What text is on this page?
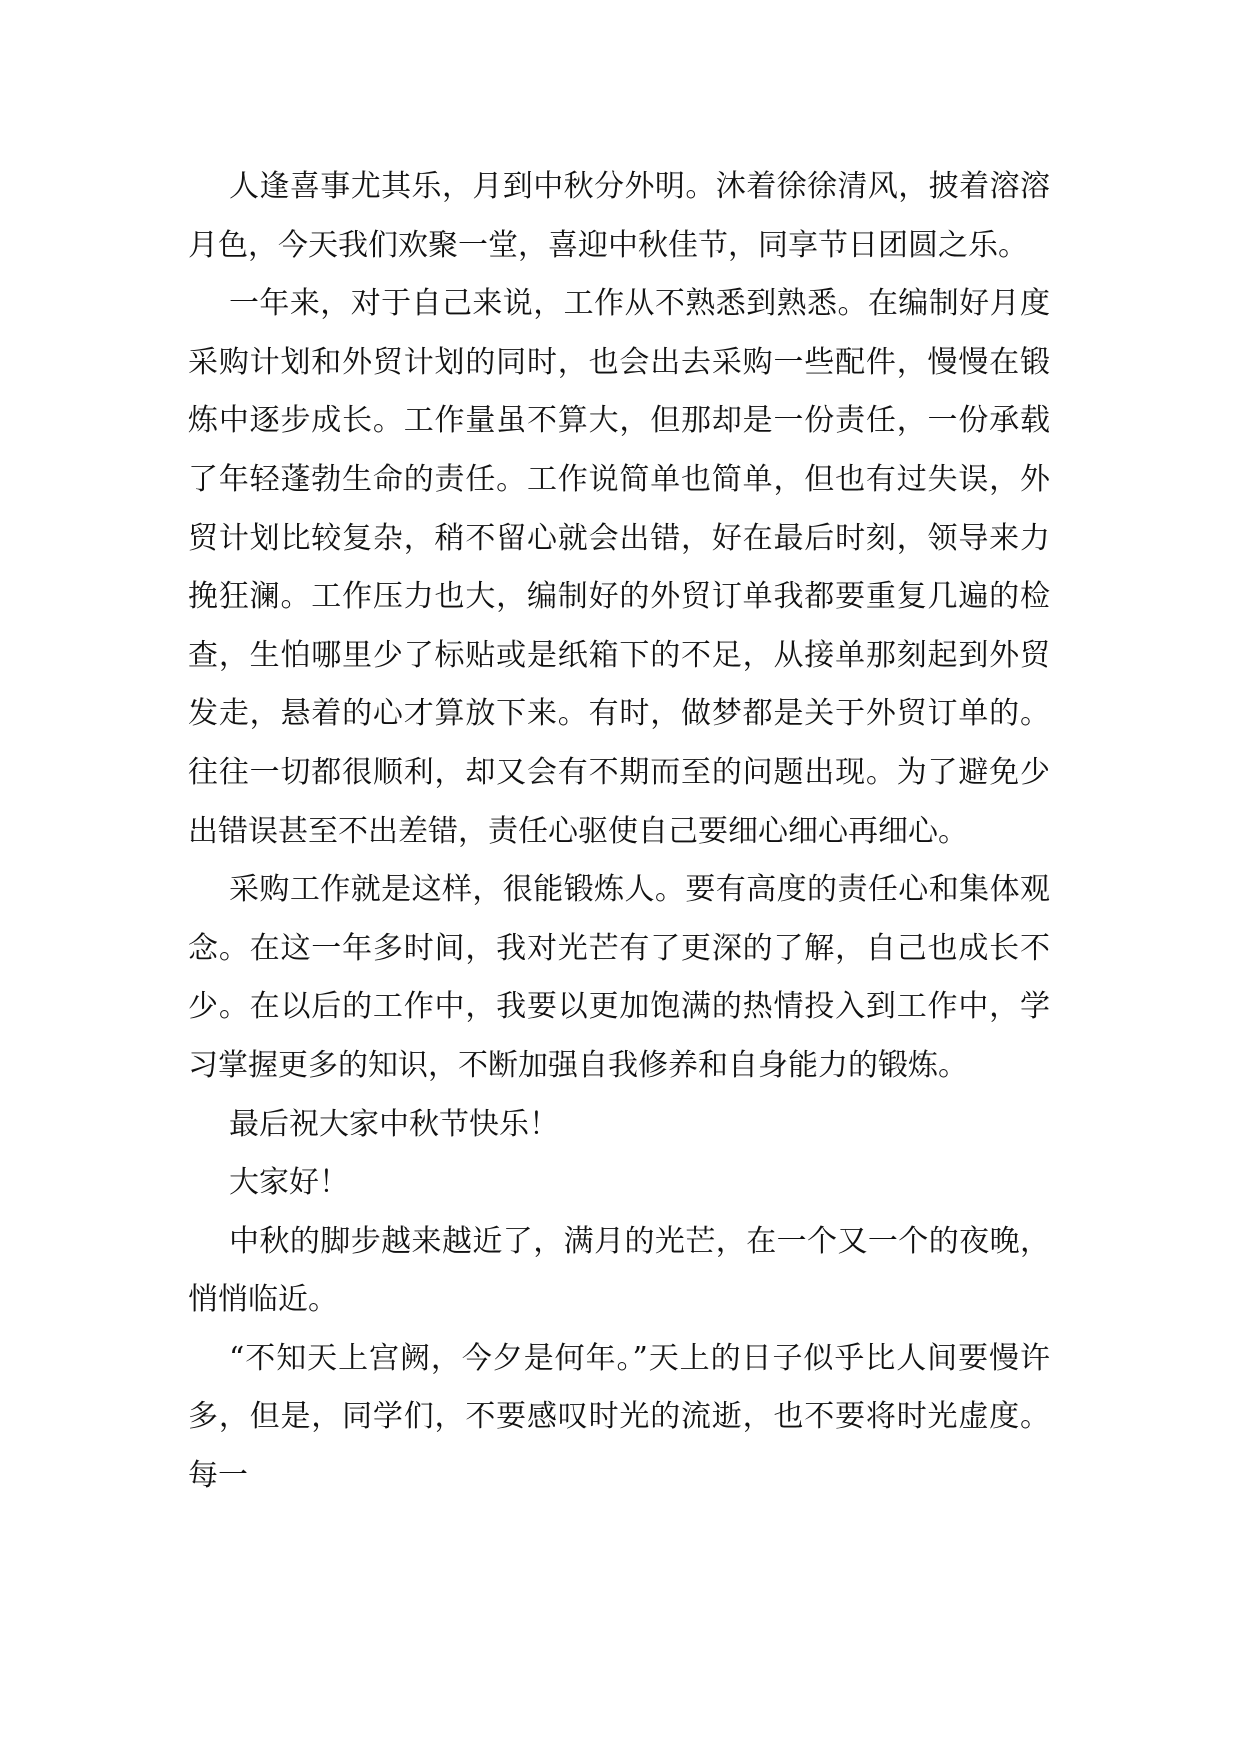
人逢喜事尤其乐，月到中秋分外明。沐着徐徐清风，披着溶溶月色，今天我们欢聚一堂，喜迎中秋佳节，同享节日团圆之乐。

一年来，对于自己来说，工作从不熟悉到熟悉。在编制好月度采购计划和外贸计划的同时，也会出去采购一些配件，慢慢在锻炼中逐步成长。工作量虽不算大，但那却是一份责任，一份承载了年轻蓬勃生命的责任。工作说简单也简单，但也有过失误，外贸计划比较复杂，稍不留心就会出错，好在最后时刻，领导来力挽狂澜。工作压力也大，编制好的外贸订单我都要重复几遍的检查，生怕哪里少了标贴或是纸箱下的不足，从接单那刻起到外贸发走，悬着的心才算放下来。有时，做梦都是关于外贸订单的。往往一切都很顺利，却又会有不期而至的问题出现。为了避免少出错误甚至不出差错，责任心驱使自己要细心细心再细心。

采购工作就是这样，很能锻炼人。要有高度的责任心和集体观念。在这一年多时间，我对光芒有了更深的了解，自己也成长不少。在以后的工作中，我要以更加饱满的热情投入到工作中，学习掌握更多的知识，不断加强自我修养和自身能力的锻炼。

最后祝大家中秋节快乐！

大家好！

中秋的脚步越来越近了，满月的光芒，在一个又一个的夜晚，悄悄临近。

“不知天上宫阙，今夕是何年。”天上的日子似乎比人间要慢许多，但是，同学们，不要感叹时光的流逝，也不要将时光虚度。每一
